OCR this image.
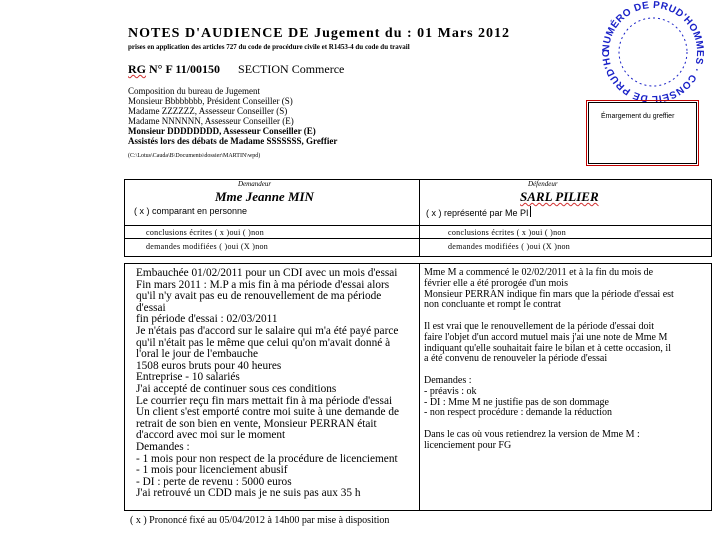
NOTES D'AUDIENCE DE Jugement du : 01 Mars 2012
prises en application des articles 727 du code de procédure civile et R1453-4 du code du travail
RG N° F 11/00150 SECTION Commerce
Composition du bureau de Jugement
Monsieur Bbbbbbbb, Président Conseiller (S)
Madame ZZZZZZ, Assesseur Conseiller (S)
Madame NNNNNN, Assesseur Conseiller (E)
Monsieur DDDDDDDD, Assesseur Conseiller (E)
Assistés lors des débats de Madame SSSSSSS, Greffier
(C:\Lotus\Cauda\B\Documents\dossier\MARTIN\wpd)
NUMÉRO DE PRUD'HOMMES · CONSEIL DE PRUD'HO
Émargement du greffier
Demandeur
Mme Jeanne MIN
( x ) comparant en personne
conclusions écrites ( x )oui ( )non
demandes modifiées ( )oui (X )non
Défendeur
SARL PILIER
( x ) représenté par Me PI
conclusions écrites ( x )oui ( )non
demandes modifiées ( )oui (X )non
Embauchée 01/02/2011 pour un CDI avec un mois d'essai
Fin mars 2011 : M.P a mis fin à ma période d'essai alors
qu'il n'y avait pas eu de renouvellement de ma période
d'essai
fin période d'essai : 02/03/2011
Je n'étais pas d'accord sur le salaire qui m'a été payé parce
qu'il n'était pas le même que celui qu'on m'avait donné à
l'oral le jour de l'embauche
1508 euros bruts pour 40 heures
Entreprise - 10 salariés
J'ai accepté de continuer sous ces conditions
Le courrier reçu fin mars mettait fin à ma période d'essai
Un client s'est emporté contre moi suite à une demande de
retrait de son bien en vente, Monsieur PERRAN était
d'accord avec moi sur le moment
Demandes :
- 1 mois pour non respect de la procédure de licenciement
- 1 mois pour licenciement abusif
- DI : perte de revenu : 5000 euros
J'ai retrouvé un CDD mais je ne suis pas aux 35 h
Mme M a commencé le 02/02/2011 et à la fin du mois de
février elle a été prorogée d'un mois
Monsieur PERRAN indique fin mars que la période d'essai est
non concluante et rompt le contrat
Il est vrai que le renouvellement de la période d'essai doit
faire l'objet d'un accord mutuel mais j'ai une note de Mme M
indiquant qu'elle souhaitait faire le bilan et à cette occasion, il
a été convenu de renouveler la période d'essai
Demandes :
- préavis : ok
- DI : Mme M ne justifie pas de son dommage
- non respect procédure : demande la réduction
Dans le cas où vous retiendrez la version de Mme M :
licenciement pour FG
( x ) Prononcé fixé au 05/04/2012 à 14h00 par mise à disposition
